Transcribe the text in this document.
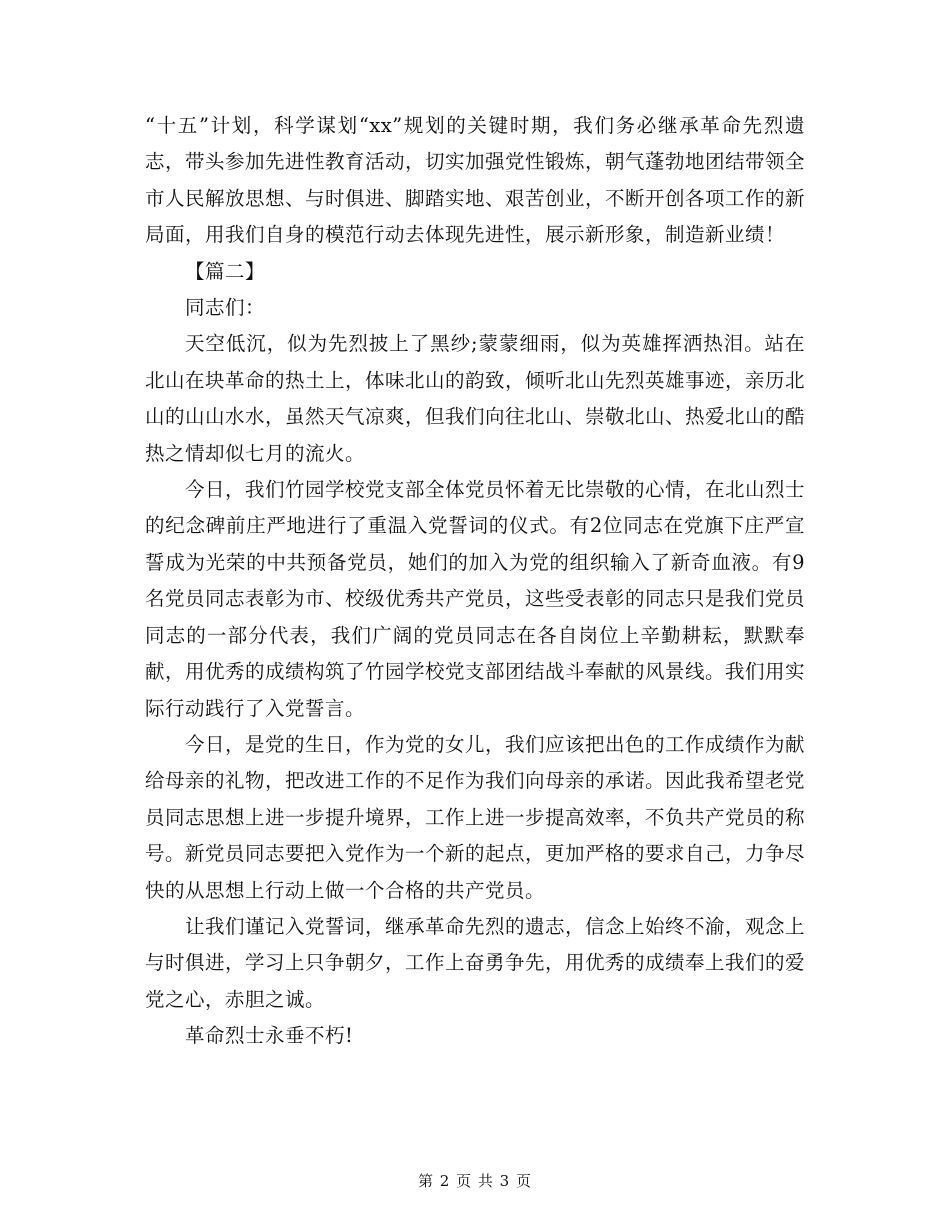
“十五”计划，科学谋划“xx”规划的关键时期，我们务必继承革命先烈遗志，带头参加先进性教育活动，切实加强党性锻炼，朝气蓬勃地团结带领全市人民解放思想、与时俱进、脚踏实地、艰苦创业，不断开创各项工作的新局面，用我们自身的模范行动去体现先进性，展示新形象，制造新业绩！

【篇二】

同志们：

天空低沉，似为先烈披上了黑纱;蒙蒙细雨，似为英雄挥洒热泪。站在北山在块革命的热土上，体味北山的韵致，倾听北山先烈英雄事迹，亲历北山的山山水水，虽然天气凉爽，但我们向往北山、崇敬北山、热爱北山的酷热之情却似七月的流火。

今日，我们竹园学校党支部全体党员怀着无比崇敬的心情，在北山烈士的纪念碑前庄严地进行了重温入党誓词的仪式。有2位同志在党旗下庄严宣誓成为光荣的中共预备党员，她们的加入为党的组织输入了新奇血液。有9名党员同志表彰为市、校级优秀共产党员，这些受表彰的同志只是我们党员同志的一部分代表，我们广阔的党员同志在各自岗位上辛勤耕耘，默默奉献，用优秀的成绩构筑了竹园学校党支部团结战斗奉献的风景线。我们用实际行动践行了入党誓言。

今日，是党的生日，作为党的女儿，我们应该把出色的工作成绩作为献给母亲的礼物，把改进工作的不足作为我们向母亲的承诺。因此我希望老党员同志思想上进一步提升境界，工作上进一步提高效率，不负共产党员的称号。新党员同志要把入党作为一个新的起点，更加严格的要求自己，力争尽快的从思想上行动上做一个合格的共产党员。

让我们谨记入党誓词，继承革命先烈的遗志，信念上始终不渝，观念上与时俱进，学习上只争朝夕，工作上奋勇争先，用优秀的成绩奉上我们的爱党之心，赤胆之诚。

革命烈士永垂不朽!

第 2 页 共 3 页
